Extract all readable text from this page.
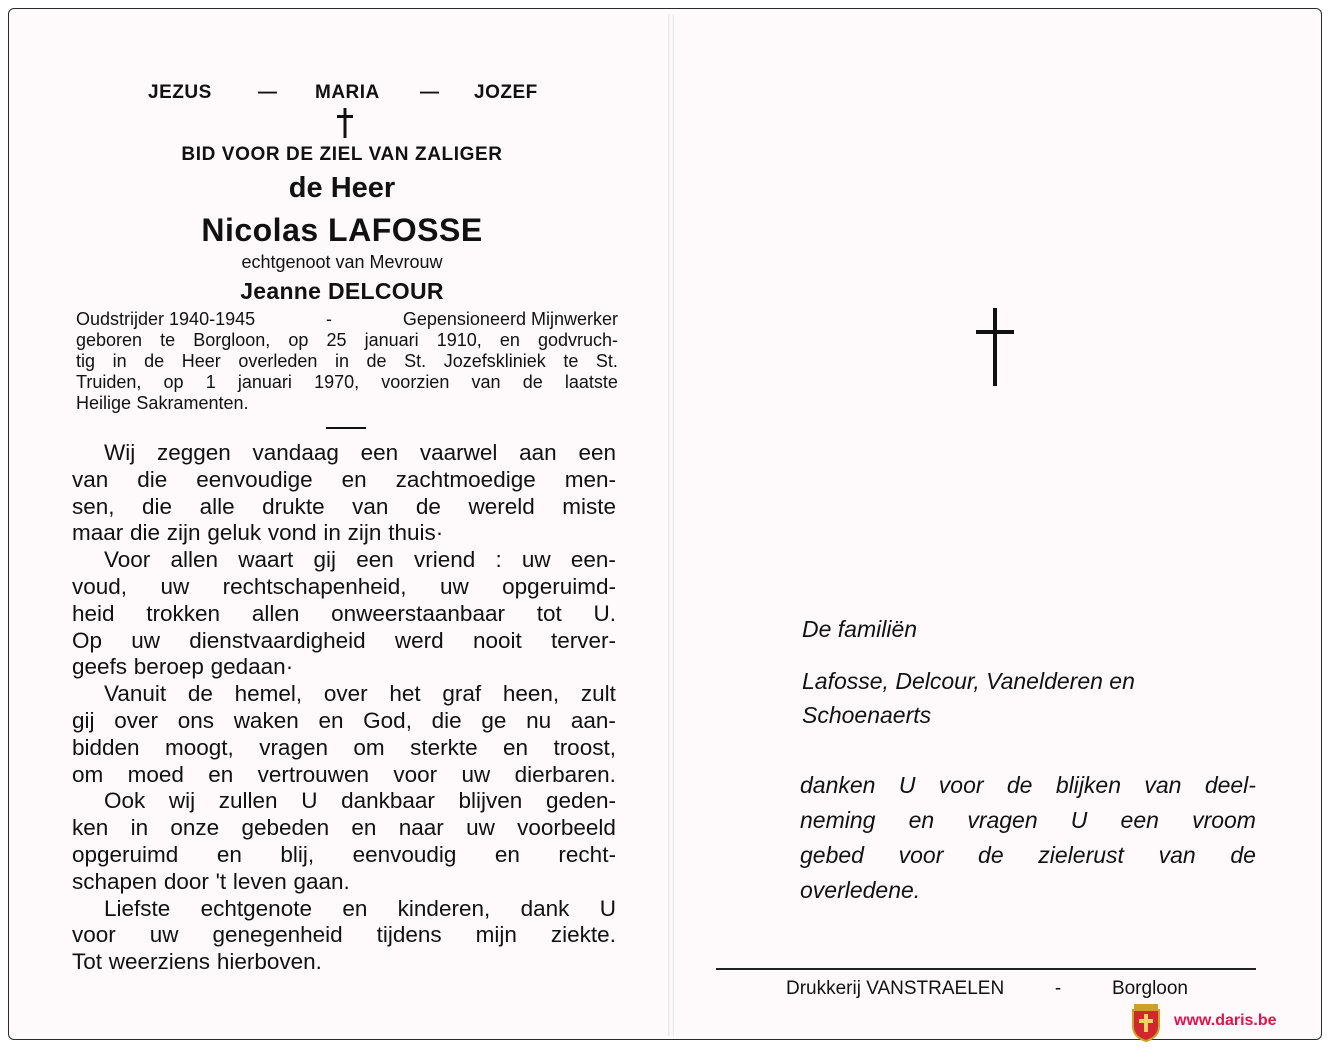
JEZUS — MARIA — JOZEF
BID VOOR DE ZIEL VAN ZALIGER
de Heer
Nicolas LAFOSSE
echtgenoot van Mevrouw
Jeanne DELCOUR
Oudstrijder 1940-1945	-	Gepensioneerd Mijnwerker
geboren te Borgloon, op 25 januari 1910, en godvruch-
tig in de Heer overleden in de St. Jozefskliniek te St.
Truiden, op 1 januari 1970, voorzien van de laatste
Heilige Sakramenten.
Wij zeggen vandaag een vaarwel aan een
van die eenvoudige en zachtmoedige men-
sen, die alle drukte van de wereld miste
maar die zijn geluk vond in zijn thuis·
Voor allen waart gij een vriend : uw een-
voud, uw rechtschapenheid, uw opgeruimd-
heid trokken allen onweerstaanbaar tot U.
Op uw dienstvaardigheid werd nooit terver-
geefs beroep gedaan·
Vanuit de hemel, over het graf heen, zult
gij over ons waken en God, die ge nu aan-
bidden moogt, vragen om sterkte en troost,
om moed en vertrouwen voor uw dierbaren.
Ook wij zullen U dankbaar blijven geden-
ken in onze gebeden en naar uw voorbeeld
opgeruimd en blij, eenvoudig en recht-
schapen door 't leven gaan.
Liefste echtgenote en kinderen, dank U
voor uw genegenheid tijdens mijn ziekte.
Tot weerziens hierboven.
De familiën
Lafosse, Delcour, Vanelderen en
Schoenaerts
danken U voor de blijken van deel-
neming en vragen U een vroom
gebed voor de zielerust van de
overledene.
Drukkerij VANSTRAELEN	-	Borgloon
www.daris.be
